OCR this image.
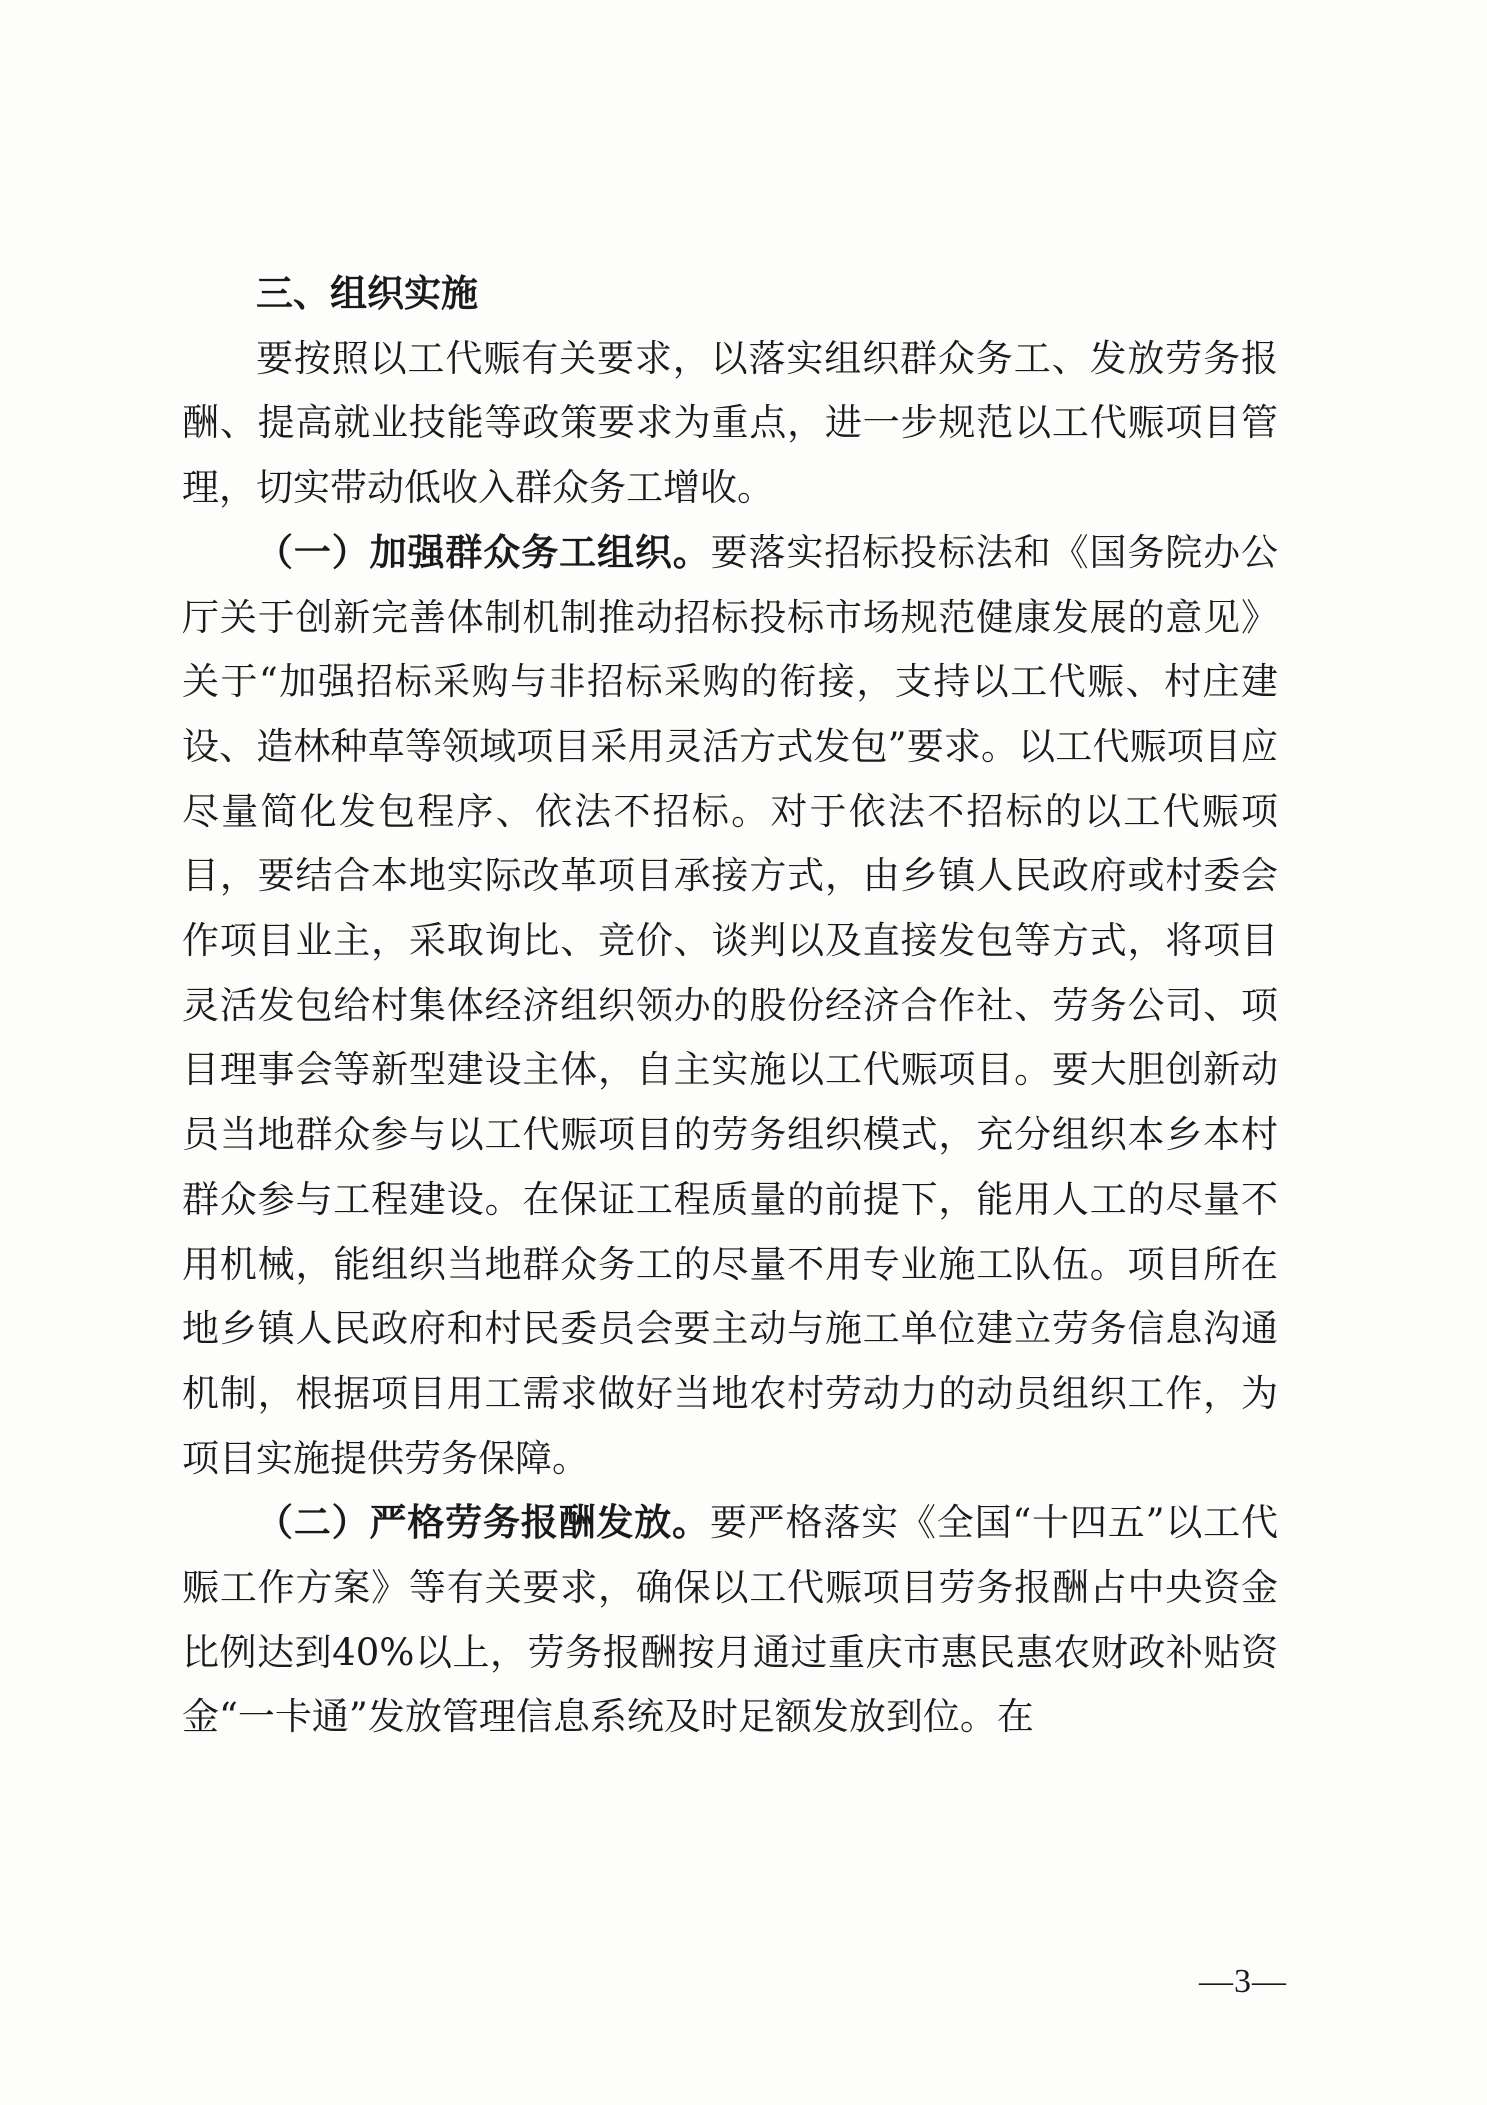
三、组织实施

要按照以工代赈有关要求，以落实组织群众务工、发放劳务报酬、提高就业技能等政策要求为重点，进一步规范以工代赈项目管理，切实带动低收入群众务工增收。

（一）加强群众务工组织。要落实招标投标法和《国务院办公厅关于创新完善体制机制推动招标投标市场规范健康发展的意见》关于“加强招标采购与非招标采购的衔接，支持以工代赈、村庄建设、造林种草等领域项目采用灵活方式发包”要求。以工代赈项目应尽量简化发包程序、依法不招标。对于依法不招标的以工代赈项目，要结合本地实际改革项目承接方式，由乡镇人民政府或村委会作项目业主，采取询比、竞价、谈判以及直接发包等方式，将项目灵活发包给村集体经济组织领办的股份经济合作社、劳务公司、项目理事会等新型建设主体，自主实施以工代赈项目。要大胆创新动员当地群众参与以工代赈项目的劳务组织模式，充分组织本乡本村群众参与工程建设。在保证工程质量的前提下，能用人工的尽量不用机械，能组织当地群众务工的尽量不用专业施工队伍。项目所在地乡镇人民政府和村民委员会要主动与施工单位建立劳务信息沟通机制，根据项目用工需求做好当地农村劳动力的动员组织工作，为项目实施提供劳务保障。

（二）严格劳务报酬发放。要严格落实《全国“十四五”以工代赈工作方案》等有关要求，确保以工代赈项目劳务报酬占中央资金比例达到40%以上，劳务报酬按月通过重庆市惠民惠农财政补贴资金“一卡通”发放管理信息系统及时足额发放到位。在

—3—
